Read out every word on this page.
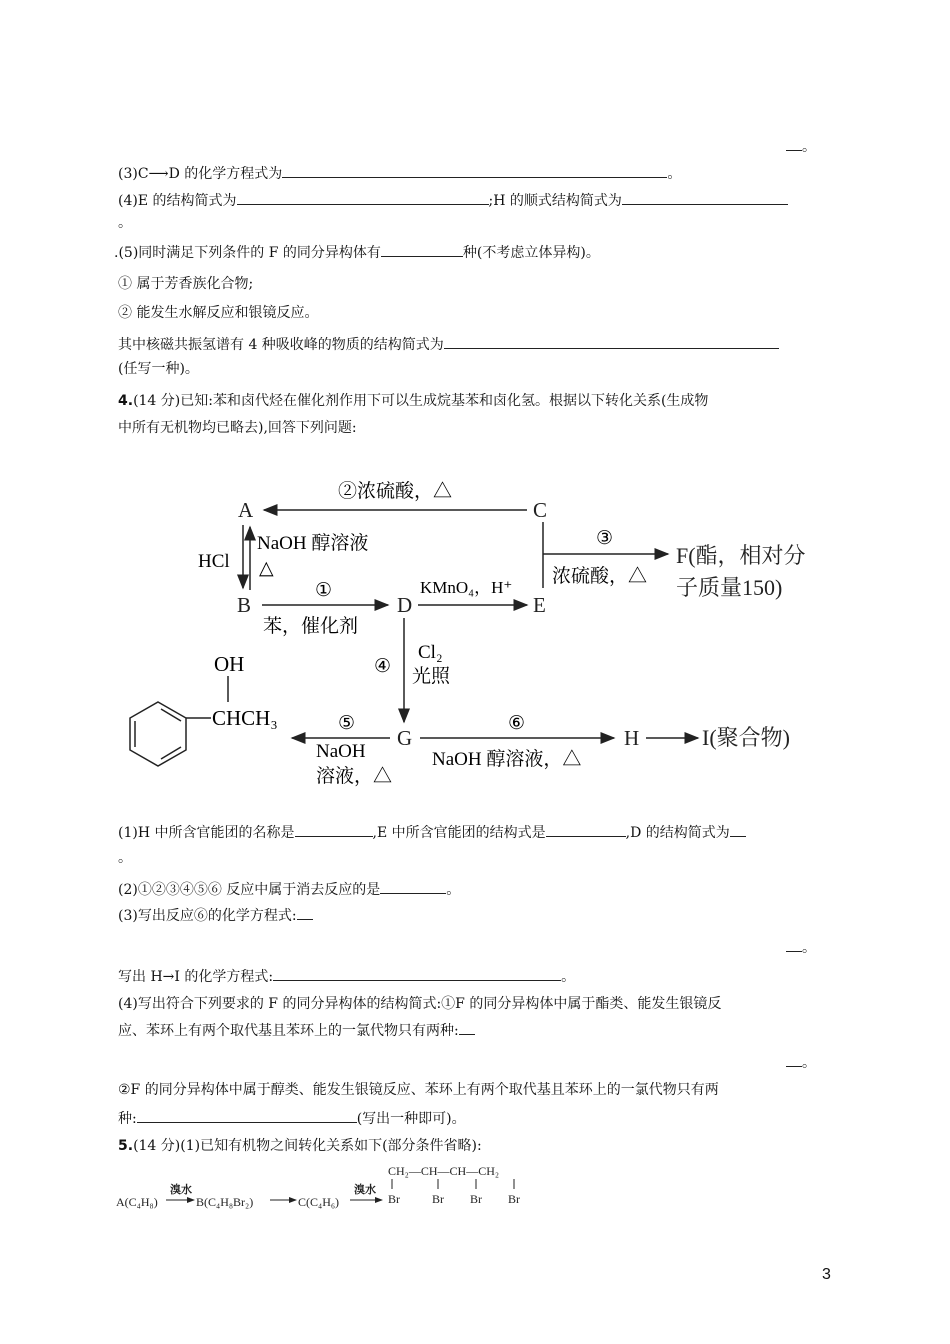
。
(3)C⟶D 的化学方程式为	。
(4)E 的结构简式为	;H 的顺式结构简式为
。
.(5)同时满足下列条件的 F 的同分异构体有	种(不考虑立体异构)。
① 属于芳香族化合物;
② 能发生水解反应和银镜反应。
其中核磁共振氢谱有 4 种吸收峰的物质的结构简式为
(任写一种)。
4.(14 分)已知:苯和卤代烃在催化剂作用下可以生成烷基苯和卤化氢。根据以下转化关系(生成物
中所有无机物均已略去),回答下列问题:
A	C
B	D	E
G	H
F(酯，相对分
子质量150)
I(聚合物)
②浓硫酸，△
HCl
NaOH 醇溶液
△
①
苯，催化剂
KMnO₄，H⁺
③
浓硫酸，△
④
Cl₂
光照
⑤
NaOH
溶液，△
⑥
NaOH 醇溶液，△
OH
CHCH₃
(1)H 中所含官能团的名称是	,E 中所含官能团的结构式是	,D 的结构简式为
。
(2)①②③④⑤⑥ 反应中属于消去反应的是	。
(3)写出反应⑥的化学方程式:
。
写出 H→I 的化学方程式:	。
(4)写出符合下列要求的 F 的同分异构体的结构简式:①F 的同分异构体中属于酯类、能发生银镜反
应、苯环上有两个取代基且苯环上的一氯代物只有两种:
。
②F 的同分异构体中属于醇类、能发生银镜反应、苯环上有两个取代基且苯环上的一氯代物只有两
种:	(写出一种即可)。
5.(14 分)(1)已知有机物之间转化关系如下(部分条件省略):
A(C₄H₈)
溴水
B(C₄H₈Br₂)	C(C₄H₆)
溴水
CH₂—CH—CH—CH₂
Br	Br Br Br
3
